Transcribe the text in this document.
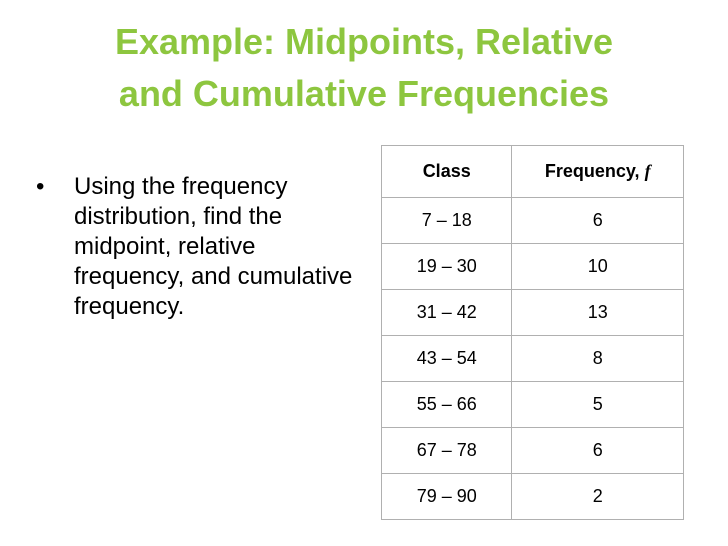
Example: Midpoints, Relative
and Cumulative Frequencies
• Using the frequency distribution, find the midpoint, relative frequency, and cumulative frequency.
Class	Frequency, f
7 – 18	6
19 – 30	10
31 – 42	13
43 – 54	8
55 – 66	5
67 – 78	6
79 – 90	2
